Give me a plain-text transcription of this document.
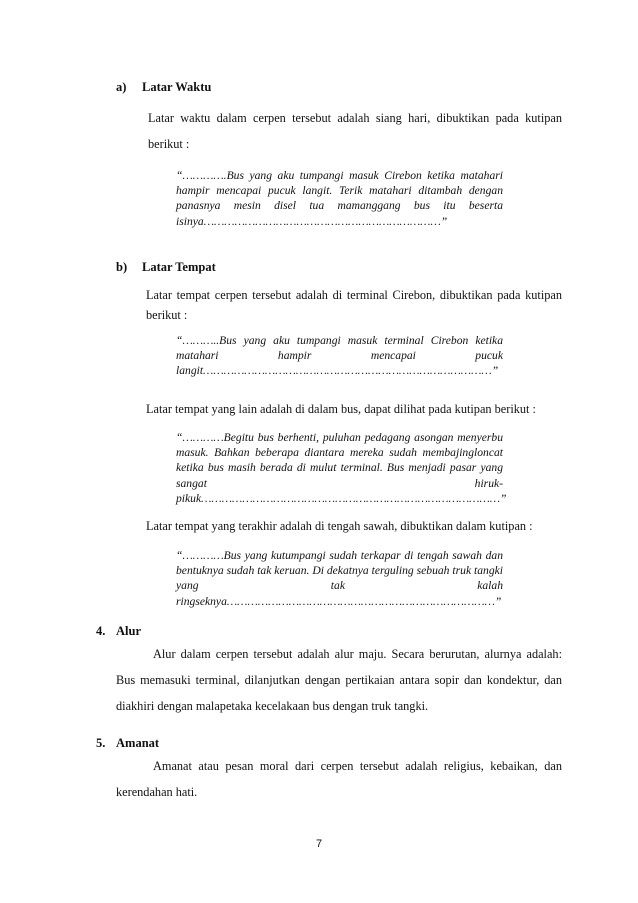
a) Latar Waktu
Latar waktu dalam cerpen tersebut adalah siang hari, dibuktikan pada kutipan berikut :
“………….Bus yang aku tumpangi masuk Cirebon ketika matahari hampir mencapai pucuk langit. Terik matahari ditambah dengan panasnya mesin disel tua mamanggang bus itu beserta isinya……………………………………………………………”
b) Latar Tempat
Latar tempat cerpen tersebut adalah di terminal Cirebon, dibuktikan pada kutipan berikut :
“………..Bus yang aku tumpangi masuk terminal Cirebon ketika matahari hampir mencapai pucuk langit…………………………………………………………………………”
Latar tempat yang lain adalah di dalam bus, dapat dilihat pada kutipan berikut :
“…………Begitu bus berhenti, puluhan pedagang asongan menyerbu masuk. Bahkan beberapa diantara mereka sudah membajingloncat ketika bus masih berada di mulut terminal. Bus menjadi pasar yang sangat hiruk-pikuk……………………………………………………………………………”
Latar tempat yang terakhir adalah di tengah sawah, dibuktikan dalam kutipan :
“…………Bus yang kutumpangi sudah terkapar di tengah sawah dan bentuknya sudah tak keruan. Di dekatnya terguling sebuah truk tangki yang tak kalah ringseknya……………………………………………………………………”
4. Alur
Alur dalam cerpen tersebut adalah alur maju. Secara berurutan, alurnya adalah: Bus memasuki terminal, dilanjutkan dengan pertikaian antara sopir dan kondektur, dan diakhiri dengan malapetaka kecelakaan bus dengan truk tangki.
5. Amanat
Amanat atau pesan moral dari cerpen tersebut adalah religius, kebaikan, dan kerendahan hati.
7
